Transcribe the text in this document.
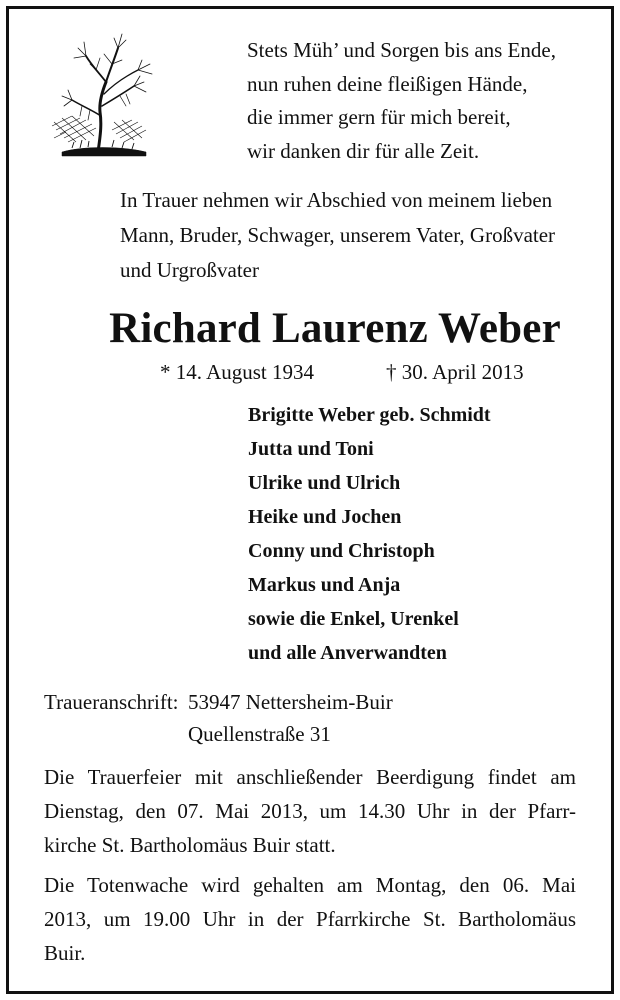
Stets Müh’ und Sorgen bis ans Ende,
nun ruhen deine fleißigen Hände,
die immer gern für mich bereit,
wir danken dir für alle Zeit.
In Trauer nehmen wir Abschied von meinem lieben
Mann, Bruder, Schwager, unserem Vater, Großvater
und Urgroßvater
Richard Laurenz Weber
* 14. August 1934	† 30. April 2013
Brigitte Weber geb. Schmidt
Jutta und Toni
Ulrike und Ulrich
Heike und Jochen
Conny und Christoph
Markus und Anja
sowie die Enkel, Urenkel
und alle Anverwandten
Traueranschrift: 53947 Nettersheim-Buir
Quellenstraße 31
Die Trauerfeier mit anschließender Beerdigung findet am
Dienstag, den 07. Mai 2013, um 14.30 Uhr in der Pfarr-
kirche St. Bartholomäus Buir statt.
Die Totenwache wird gehalten am Montag, den 06. Mai
2013, um 19.00 Uhr in der Pfarrkirche St. Bartholomäus
Buir.
